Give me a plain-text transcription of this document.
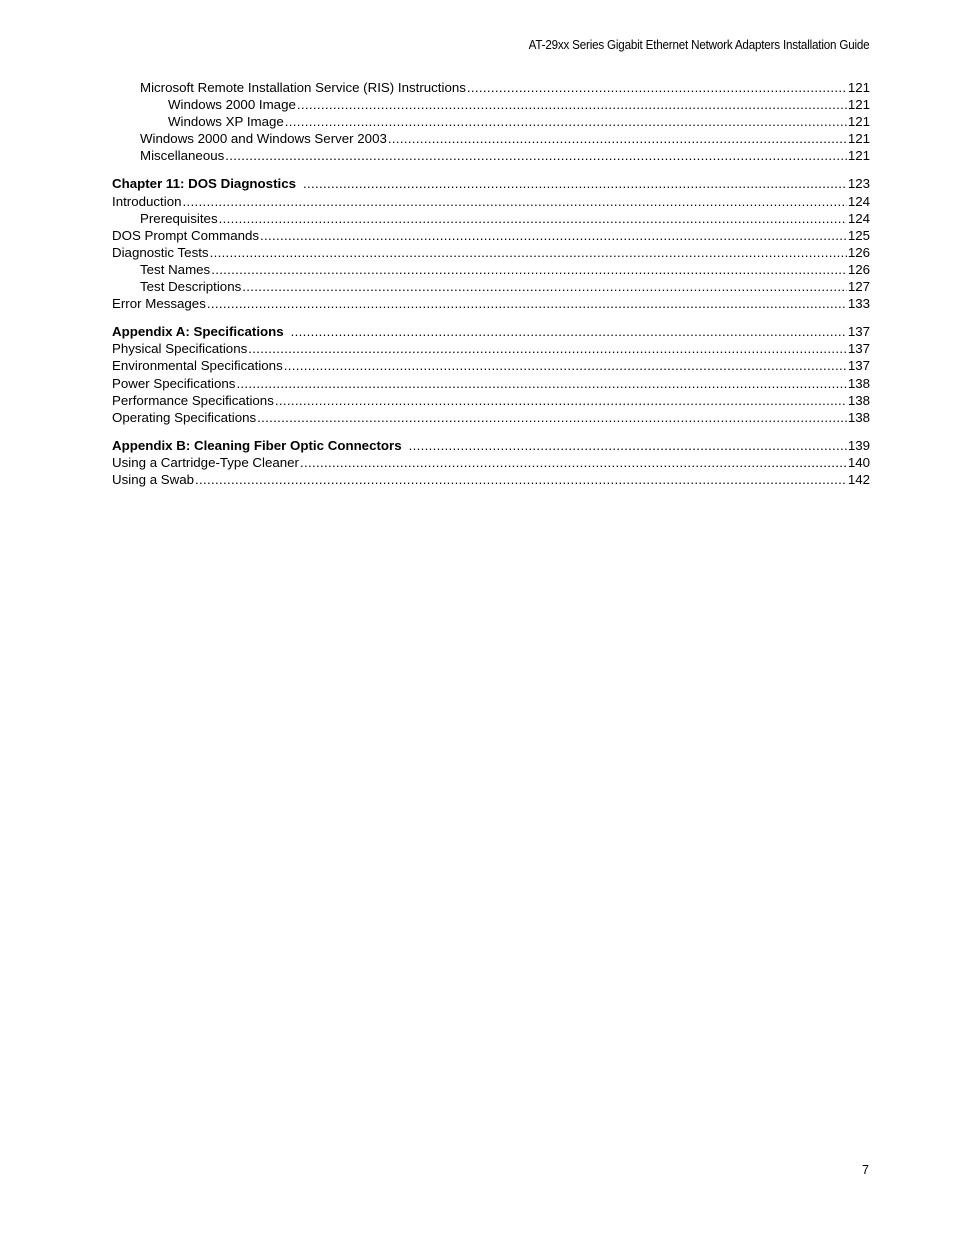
AT-29xx Series Gigabit Ethernet Network Adapters Installation Guide
Microsoft Remote Installation Service (RIS) Instructions .....	121
Windows 2000 Image .....	121
Windows XP Image .....	121
Windows 2000 and Windows Server 2003 .....	121
Miscellaneous .....	121
Chapter 11: DOS Diagnostics .....	123
Introduction .....	124
Prerequisites .....	124
DOS Prompt Commands .....	125
Diagnostic Tests .....	126
Test Names .....	126
Test Descriptions .....	127
Error Messages .....	133
Appendix A: Specifications .....	137
Physical Specifications .....	137
Environmental Specifications .....	137
Power Specifications .....	138
Performance Specifications .....	138
Operating Specifications .....	138
Appendix B: Cleaning Fiber Optic Connectors .....	139
Using a Cartridge-Type Cleaner .....	140
Using a Swab .....	142
7
